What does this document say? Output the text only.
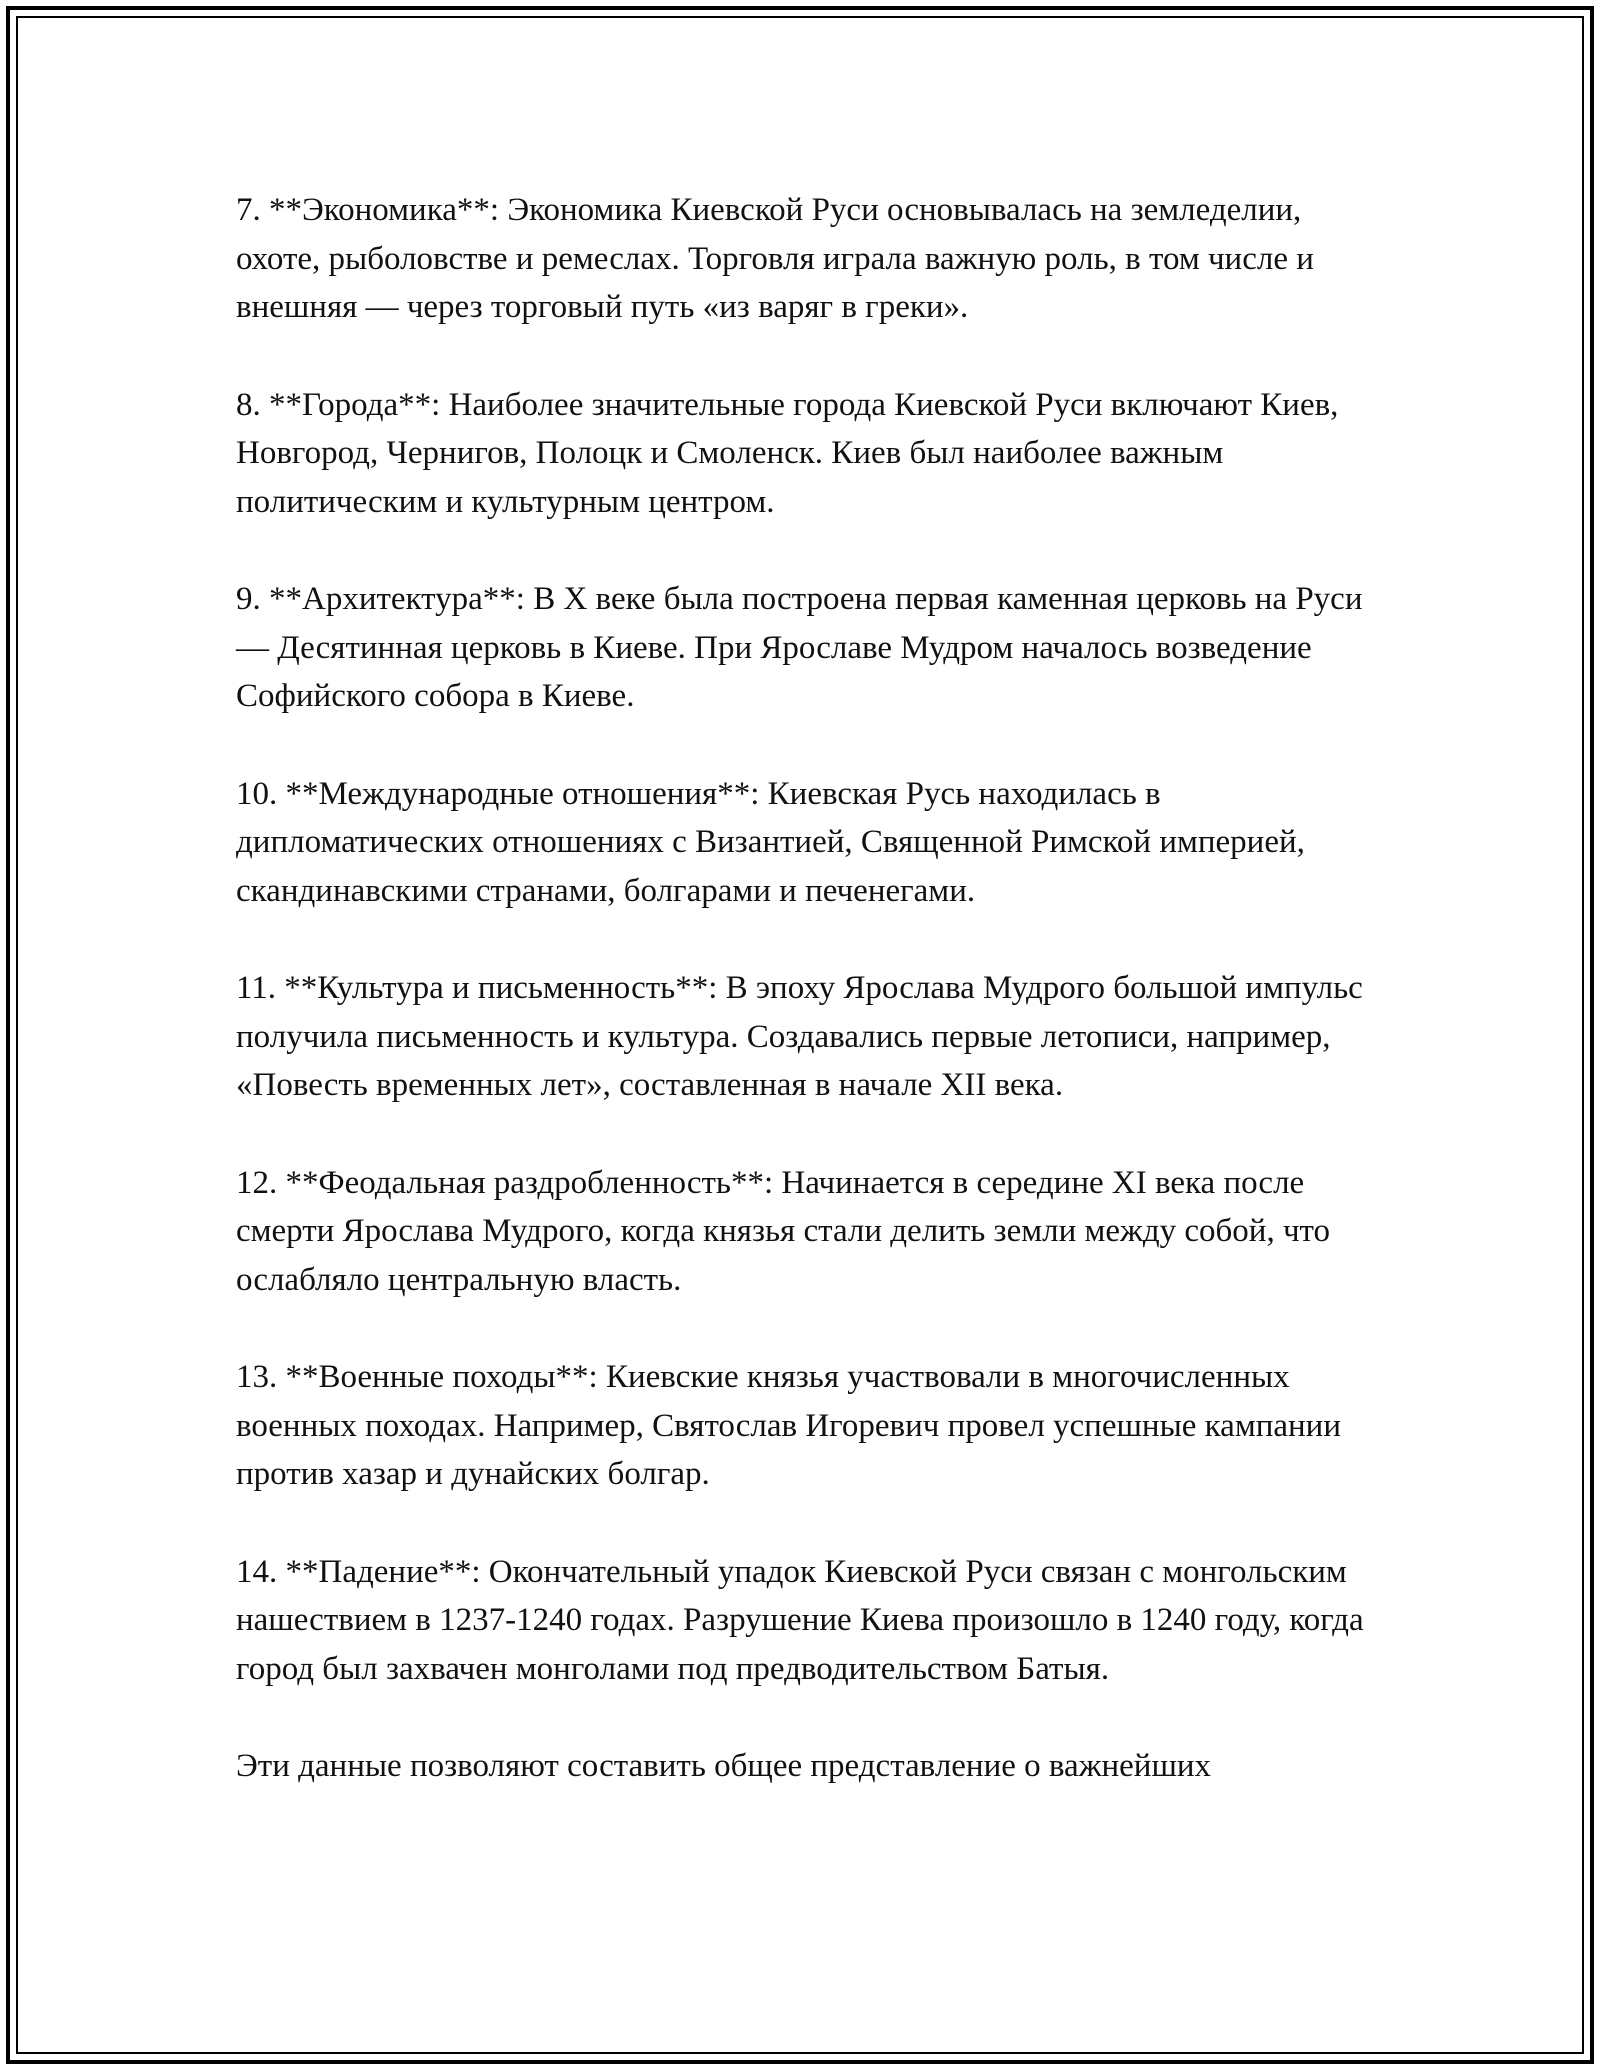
7. **Экономика**: Экономика Киевской Руси основывалась на земледелии, охоте, рыболовстве и ремеслах. Торговля играла важную роль, в том числе и внешняя — через торговый путь «из варяг в греки».

8. **Города**: Наиболее значительные города Киевской Руси включают Киев, Новгород, Чернигов, Полоцк и Смоленск. Киев был наиболее важным политическим и культурным центром.

9. **Архитектура**: В X веке была построена первая каменная церковь на Руси — Десятинная церковь в Киеве. При Ярославе Мудром началось возведение Софийского собора в Киеве.

10. **Международные отношения**: Киевская Русь находилась в дипломатических отношениях с Византией, Священной Римской империей, скандинавскими странами, болгарами и печенегами.

11. **Культура и письменность**: В эпоху Ярослава Мудрого большой импульс получила письменность и культура. Создавались первые летописи, например, «Повесть временных лет», составленная в начале XII века.

12. **Феодальная раздробленность**: Начинается в середине XI века после смерти Ярослава Мудрого, когда князья стали делить земли между собой, что ослабляло центральную власть.

13. **Военные походы**: Киевские князья участвовали в многочисленных военных походах. Например, Святослав Игоревич провел успешные кампании против хазар и дунайских болгар.

14. **Падение**: Окончательный упадок Киевской Руси связан с монгольским нашествием в 1237-1240 годах. Разрушение Киева произошло в 1240 году, когда город был захвачен монголами под предводительством Батыя.

Эти данные позволяют составить общее представление о важнейших
